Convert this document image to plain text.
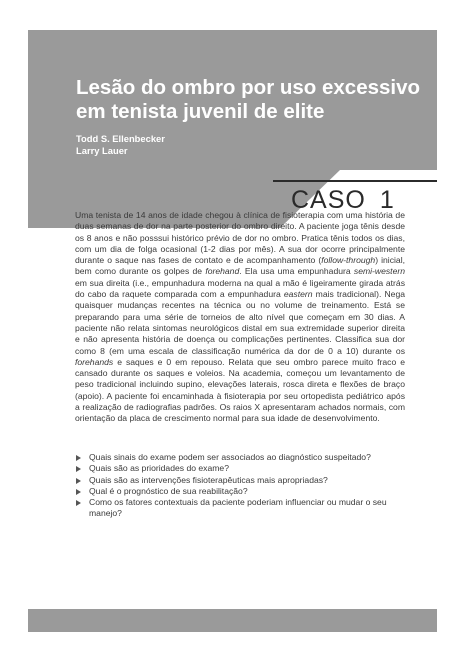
Lesão do ombro por uso excessivo em tenista juvenil de elite
Todd S. Ellenbecker
Larry Lauer
CASO 1

Uma tenista de 14 anos de idade chegou à clínica de fisioterapia com uma história de duas semanas de dor na parte posterior do ombro direito. A paciente joga tênis desde os 8 anos e não posssui histórico prévio de dor no ombro. Pratica tênis todos os dias, com um dia de folga ocasional (1-2 dias por mês). A sua dor ocorre principalmente durante o saque nas fases de contato e de acompanhamento (follow-through) inicial, bem como durante os golpes de forehand. Ela usa uma empunhadura semi-western em sua direita (i.e., empunhadura moderna na qual a mão é ligeiramente girada atrás do cabo da raquete comparada com a empunhadura eastern mais tradicional). Nega quaisquer mudanças recentes na técnica ou no volume de treinamento. Está se preparando para uma série de torneios de alto nível que começam em 30 dias. A paciente não relata sintomas neurológicos distal em sua extremidade superior direita e não apresenta história de doença ou complicações pertinentes. Classifica sua dor como 8 (em uma escala de classificação numérica da dor de 0 a 10) durante os forehands e saques e 0 em repouso. Relata que seu ombro parece muito fraco e cansado durante os saques e voleios. Na academia, começou um levantamento de peso tradicional incluindo supino, elevações laterais, rosca direta e flexões de braço (apoio). A paciente foi encaminhada à fisioterapia por seu ortopedista pediátrico após a realização de radiografias padrões. Os raios X apresentaram achados normais, com orientação da placa de crescimento normal para sua idade de desenvolvimento.

Quais sinais do exame podem ser associados ao diagnóstico suspeitado?
Quais são as prioridades do exame?
Quais são as intervenções fisioterapêuticas mais apropriadas?
Qual é o prognóstico de sua reabilitação?
Como os fatores contextuais da paciente poderiam influenciar ou mudar o seu manejo?
